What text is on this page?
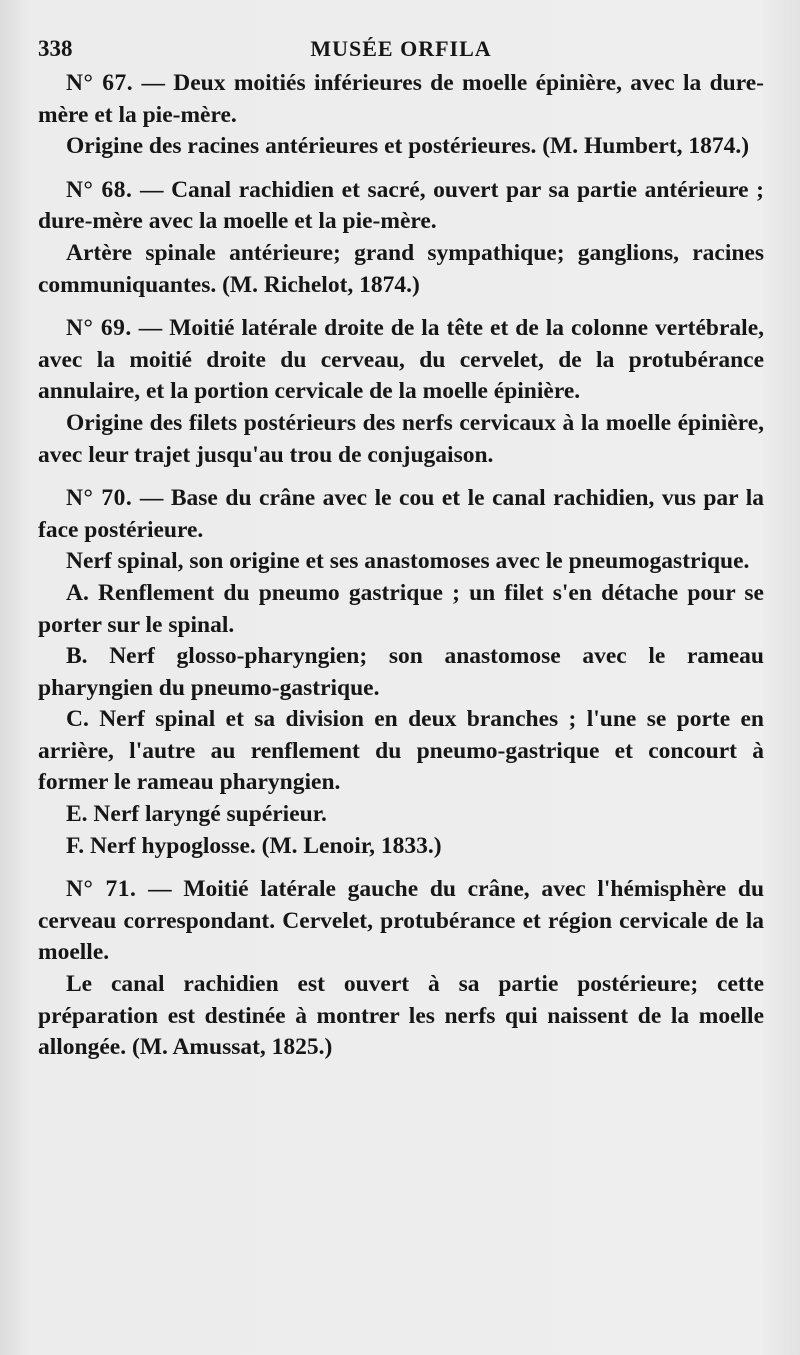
338	MUSÉE ORFILA

N° 67. — Deux moitiés inférieures de moelle épinière, avec la dure-mère et la pie-mère.

Origine des racines antérieures et postérieures. (M. Humbert, 1874.)

N° 68. — Canal rachidien et sacré, ouvert par sa partie antérieure ; dure-mère avec la moelle et la pie-mère.

Artère spinale antérieure; grand sympathique; ganglions, racines communiquantes. (M. Richelot, 1874.)

N° 69. — Moitié latérale droite de la tête et de la colonne vertébrale, avec la moitié droite du cerveau, du cervelet, de la protubérance annulaire, et la portion cervicale de la moelle épinière.

Origine des filets postérieurs des nerfs cervicaux à la moelle épinière, avec leur trajet jusqu'au trou de conjugaison.

N° 70. — Base du crâne avec le cou et le canal rachidien, vus par la face postérieure.

Nerf spinal, son origine et ses anastomoses avec le pneumogastrique.

A. Renflement du pneumo gastrique ; un filet s'en détache pour se porter sur le spinal.

B. Nerf glosso-pharyngien; son anastomose avec le rameau pharyngien du pneumo-gastrique.

C. Nerf spinal et sa division en deux branches ; l'une se porte en arrière, l'autre au renflement du pneumo-gastrique et concourt à former le rameau pharyngien.

E. Nerf laryngé supérieur.

F. Nerf hypoglosse. (M. Lenoir, 1833.)

N° 71. — Moitié latérale gauche du crâne, avec l'hémisphère du cerveau correspondant. Cervelet, protubérance et région cervicale de la moelle.

Le canal rachidien est ouvert à sa partie postérieure; cette préparation est destinée à montrer les nerfs qui naissent de la moelle allongée. (M. Amussat, 1825.)
